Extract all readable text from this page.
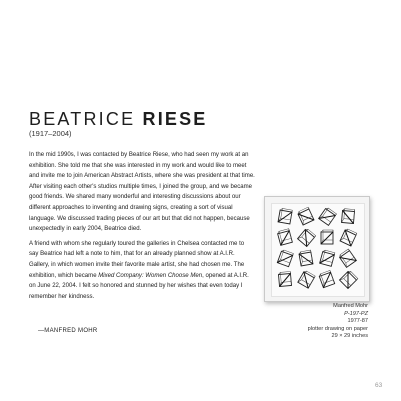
BEATRICE RIESE
(1917–2004)

In the mid 1990s, I was contacted by Beatrice Riese, who had seen my work at an exhibition. She told me that she was interested in my work and would like to meet and invite me to join American Abstract Artists, where she was president at that time. After visiting each other's studios multiple times, I joined the group, and we became good friends. We shared many wonderful and interesting discussions about our different approaches to inventing and drawing signs, creating a sort of visual language. We discussed trading pieces of our art but that did not happen, because unexpectedly in early 2004, Beatrice died.

A friend with whom she regularly toured the galleries in Chelsea contacted me to say Beatrice had left a note to him, that for an already planned show at A.I.R. Gallery, in which women invite their favorite male artist, she had chosen me. The exhibition, which became Mixed Company: Women Choose Men, opened at A.I.R. on June 22, 2004. I felt so honored and stunned by her wishes that even today I remember her kindness.

—MANFRED MOHR
Manfred Mohr
P-197-PZ
1977-87
plotter drawing on paper
29 × 29 inches
63
